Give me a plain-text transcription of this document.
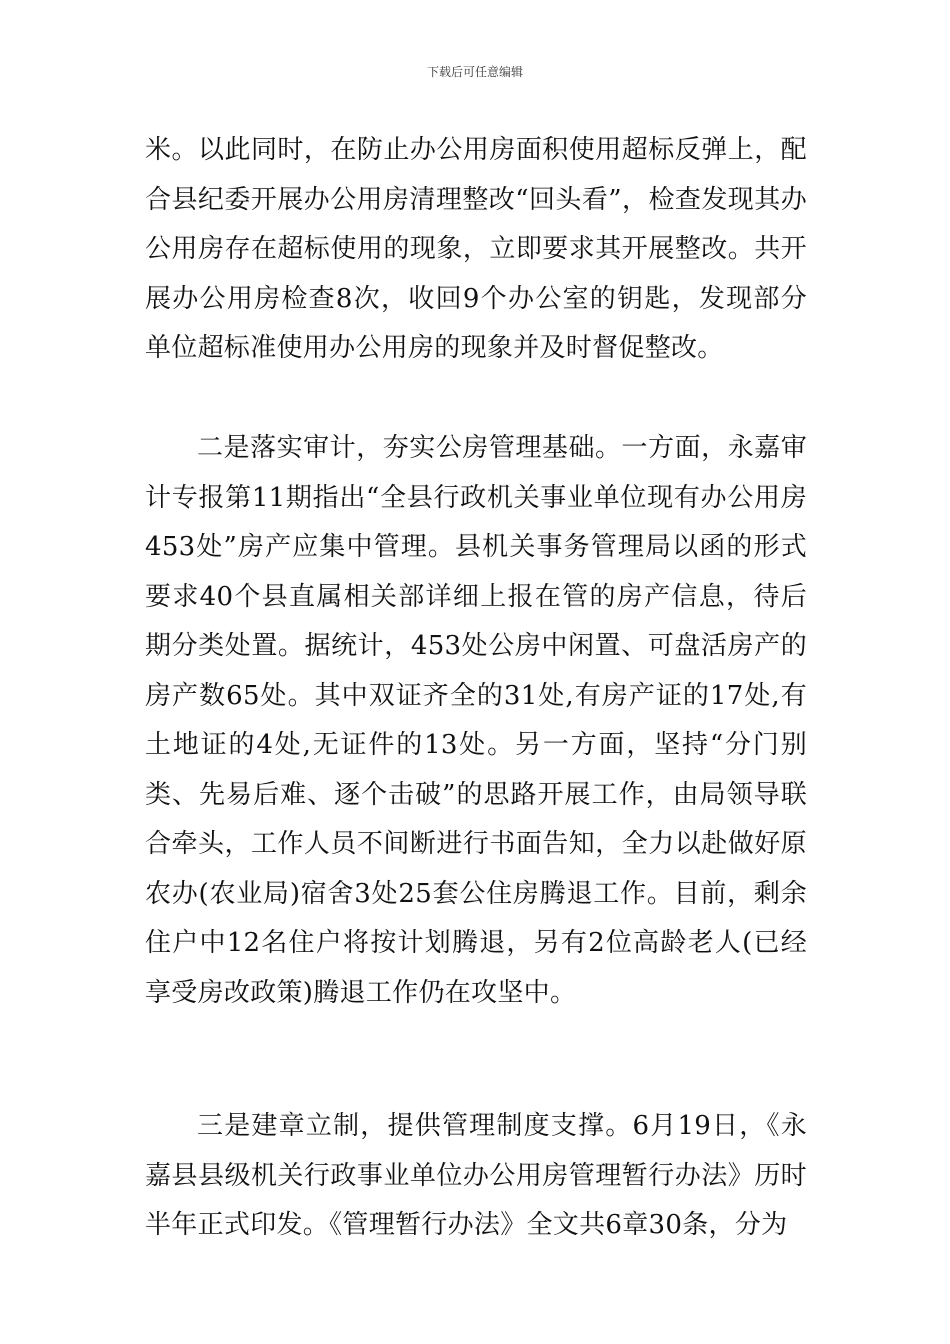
下载后可任意编辑

米。以此同时，在防止办公用房面积使用超标反弹上，配合县纪委开展办公用房清理整改“回头看”，检查发现其办公用房存在超标使用的现象，立即要求其开展整改。共开展办公用房检查8次，收回9个办公室的钥匙，发现部分单位超标准使用办公用房的现象并及时督促整改。

二是落实审计，夯实公房管理基础。一方面，永嘉审计专报第11期指出“全县行政机关事业单位现有办公用房453处”房产应集中管理。县机关事务管理局以函的形式要求40个县直属相关部详细上报在管的房产信息，待后期分类处置。据统计，453处公房中闲置、可盘活房产的房产数65处。其中双证齐全的31处,有房产证的17处,有土地证的4处,无证件的13处。另一方面，坚持“分门别类、先易后难、逐个击破”的思路开展工作，由局领导联合牵头，工作人员不间断进行书面告知，全力以赴做好原农办(农业局)宿舍3处25套公住房腾退工作。目前，剩余住户中12名住户将按计划腾退，另有2位高龄老人(已经享受房改政策)腾退工作仍在攻坚中。

三是建章立制，提供管理制度支撑。6月19日，《永嘉县县级机关行政事业单位办公用房管理暂行办法》历时半年正式印发。《管理暂行办法》全文共6章30条，分为
